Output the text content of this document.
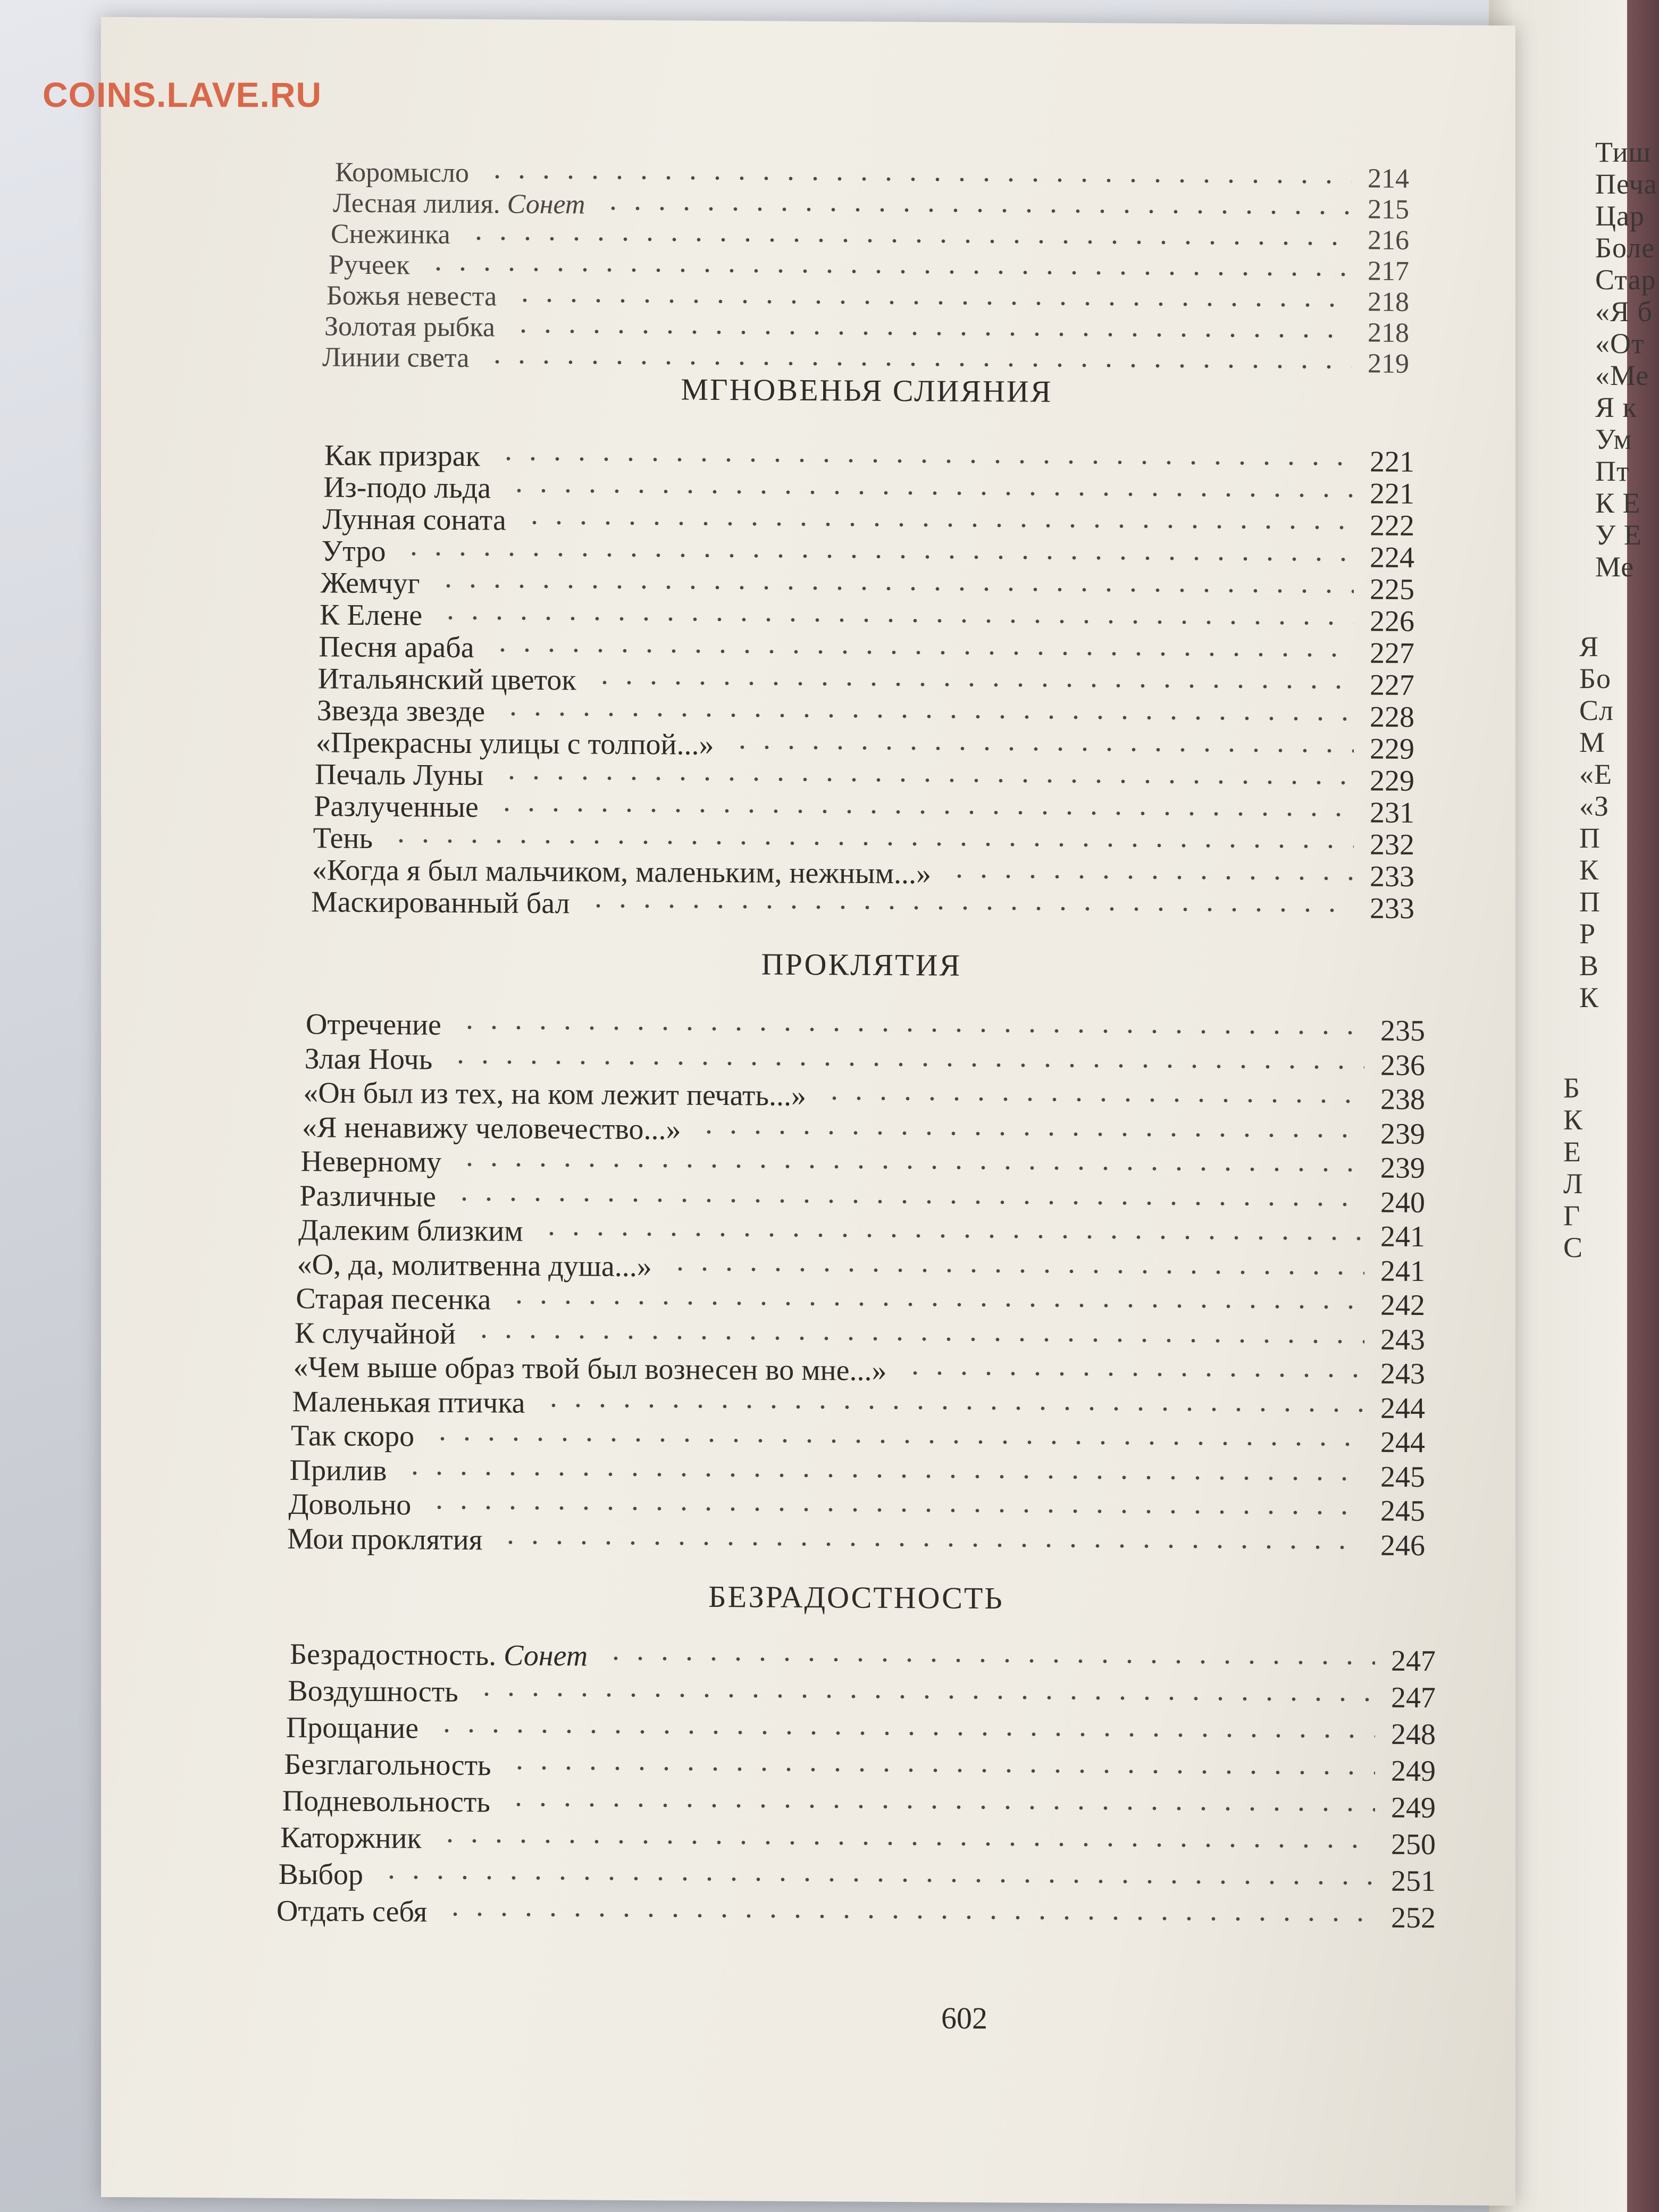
Тиш
Печа
Цар
Боле
Стар
«Я б
«От
«Ме
Я к
Ум
Пт
К Е
У Е
Ме
Я
Бо
Сл
М
«Е
«З
П
К
П
Р
В
К
Б
К
Е
Л
Г
С
Коромысло	214
Лесная лилия. Сонет	215
Снежинка	216
Ручеек	217
Божья невеста	218
Золотая рыбка	218
Линии света	219
МГНОВЕНЬЯ СЛИЯНИЯ
Как призрак	221
Из-подо льда	221
Лунная соната	222
Утро	224
Жемчуг	225
К Елене	226
Песня араба	227
Итальянский цветок	227
Звезда звезде	228
«Прекрасны улицы с толпой...»	229
Печаль Луны	229
Разлученные	231
Тень	232
«Когда я был мальчиком, маленьким, нежным...»	233
Маскированный бал	233
ПРОКЛЯТИЯ
Отречение	235
Злая Ночь	236
«Он был из тех, на ком лежит печать...»	238
«Я ненавижу человечество...»	239
Неверному	239
Различные	240
Далеким близким	241
«О, да, молитвенна душа...»	241
Старая песенка	242
К случайной	243
«Чем выше образ твой был вознесен во мне...»	243
Маленькая птичка	244
Так скоро	244
Прилив	245
Довольно	245
Мои проклятия	246
БЕЗРАДОСТНОСТЬ
Безрадостность. Сонет	247
Воздушность	247
Прощание	248
Безглагольность	249
Подневольность	249
Каторжник	250
Выбор	251
Отдать себя	252
602
COINS.LAVE.RU
